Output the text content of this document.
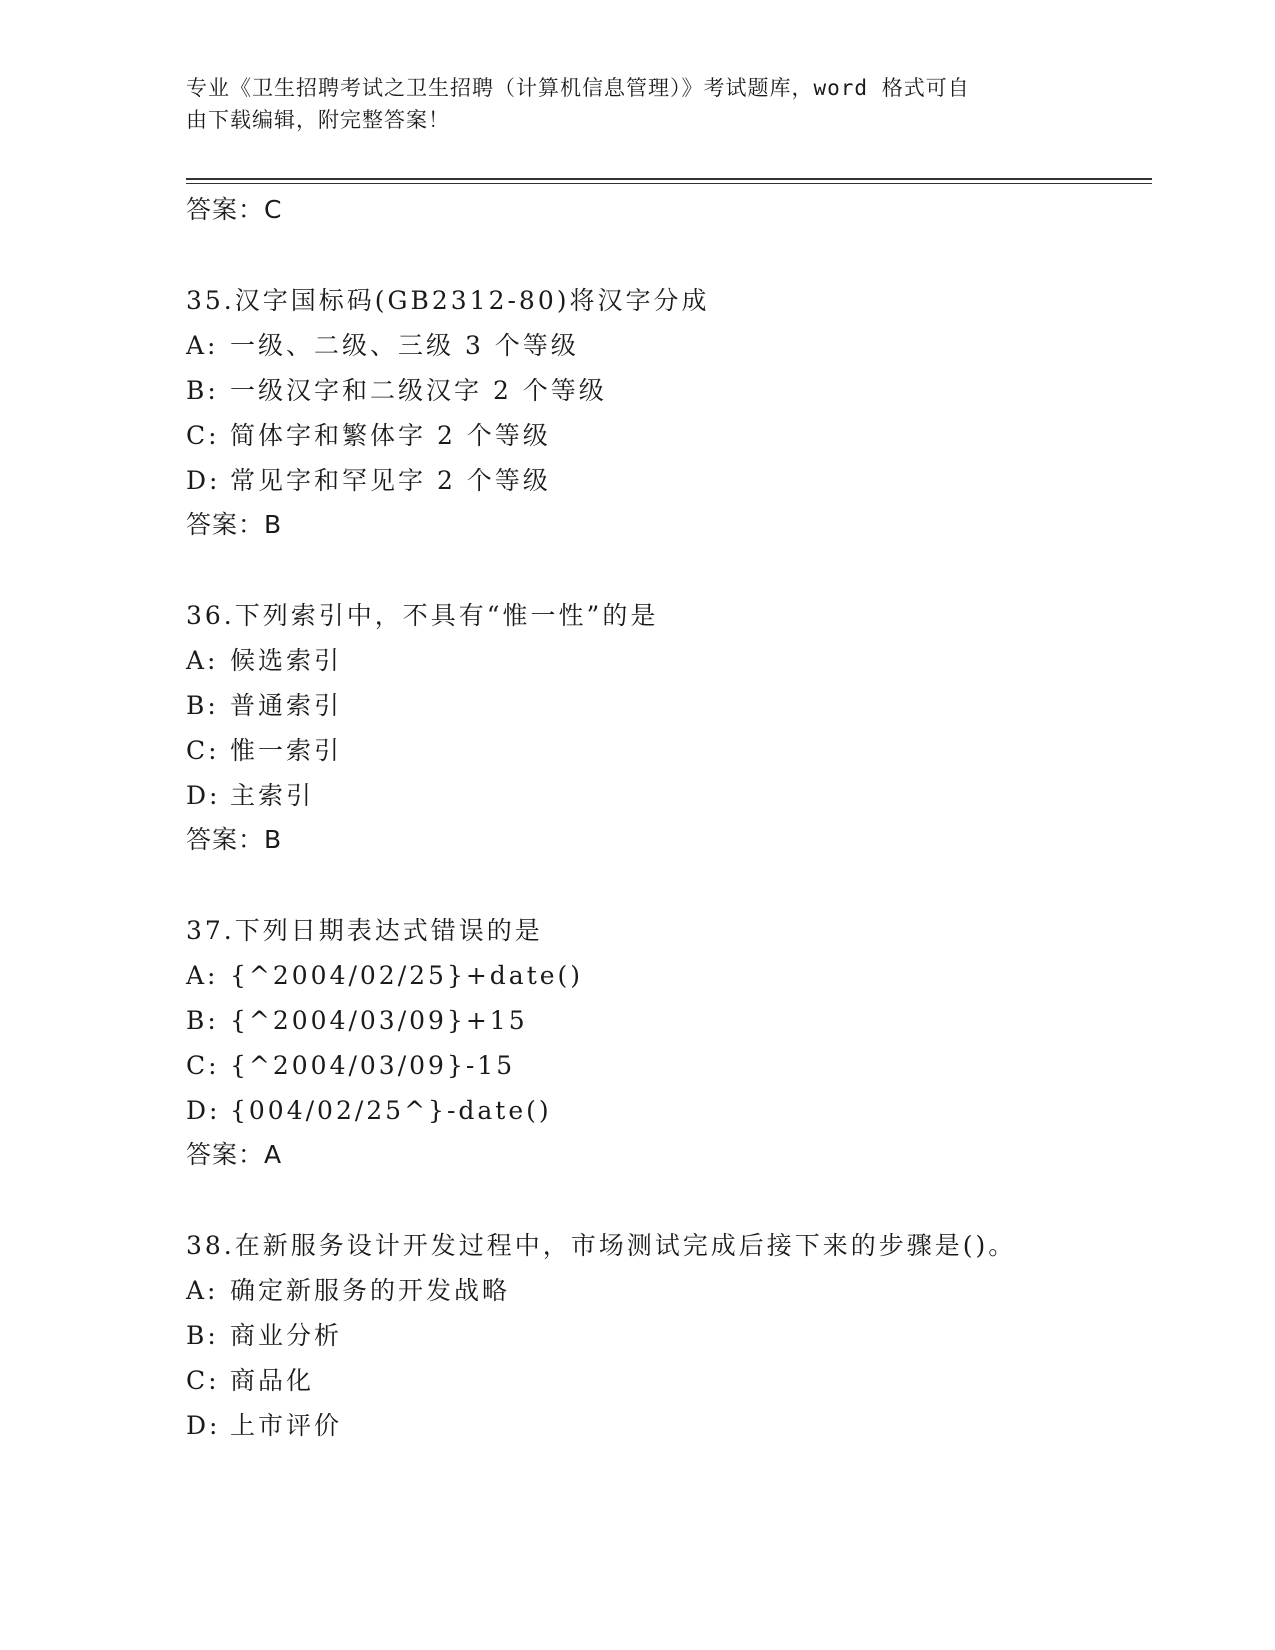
专业《卫生招聘考试之卫生招聘（计算机信息管理）》考试题库，word 格式可自
由下载编辑，附完整答案！
答案：C
35.汉字国标码(GB2312-80)将汉字分成
A: 一级、二级、三级 3 个等级
B: 一级汉字和二级汉字 2 个等级
C: 简体字和繁体字 2 个等级
D: 常见字和罕见字 2 个等级
答案：B
36.下列索引中，不具有“惟一性”的是
A: 候选索引
B: 普通索引
C: 惟一索引
D: 主索引
答案：B
37.下列日期表达式错误的是
A: {^2004/02/25}+date()
B: {^2004/03/09}+15
C: {^2004/03/09}-15
D: {004/02/25^}-date()
答案：A
38.在新服务设计开发过程中，市场测试完成后接下来的步骤是()。
A: 确定新服务的开发战略
B: 商业分析
C: 商品化
D: 上市评价
